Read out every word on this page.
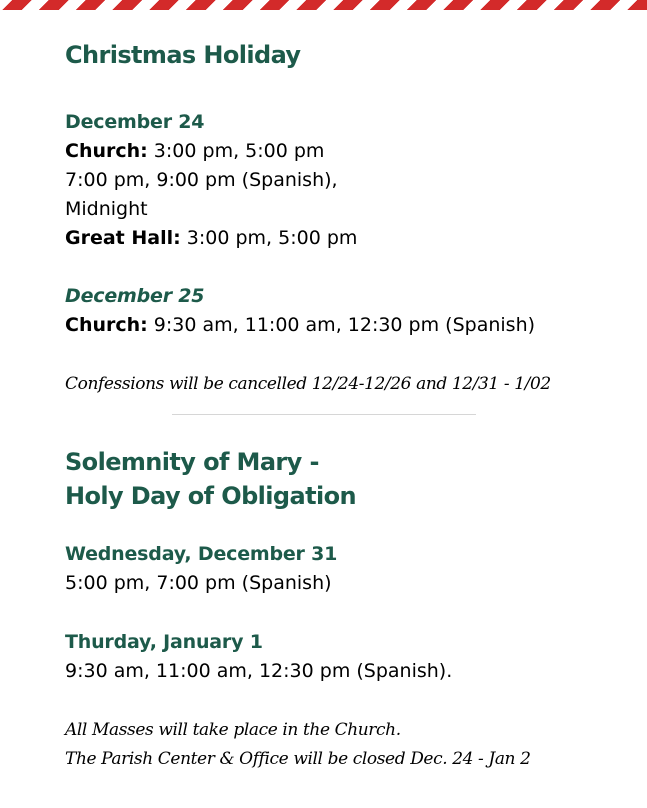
Christmas Holiday

December 24

Church: 3:00 pm, 5:00 pm

7:00 pm, 9:00 pm (Spanish),

Midnight

Great Hall: 3:00 pm, 5:00 pm

December 25

Church: 9:30 am, 11:00 am, 12:30 pm (Spanish)

Confessions will be cancelled 12/24-12/26 and 12/31 - 1/02

Solemnity of Mary -
Holy Day of Obligation

Wednesday, December 31

5:00 pm, 7:00 pm (Spanish)

Thurday, January 1

9:30 am, 11:00 am, 12:30 pm (Spanish).

All Masses will take place in the Church.

The Parish Center & Office will be closed Dec. 24 - Jan 2
